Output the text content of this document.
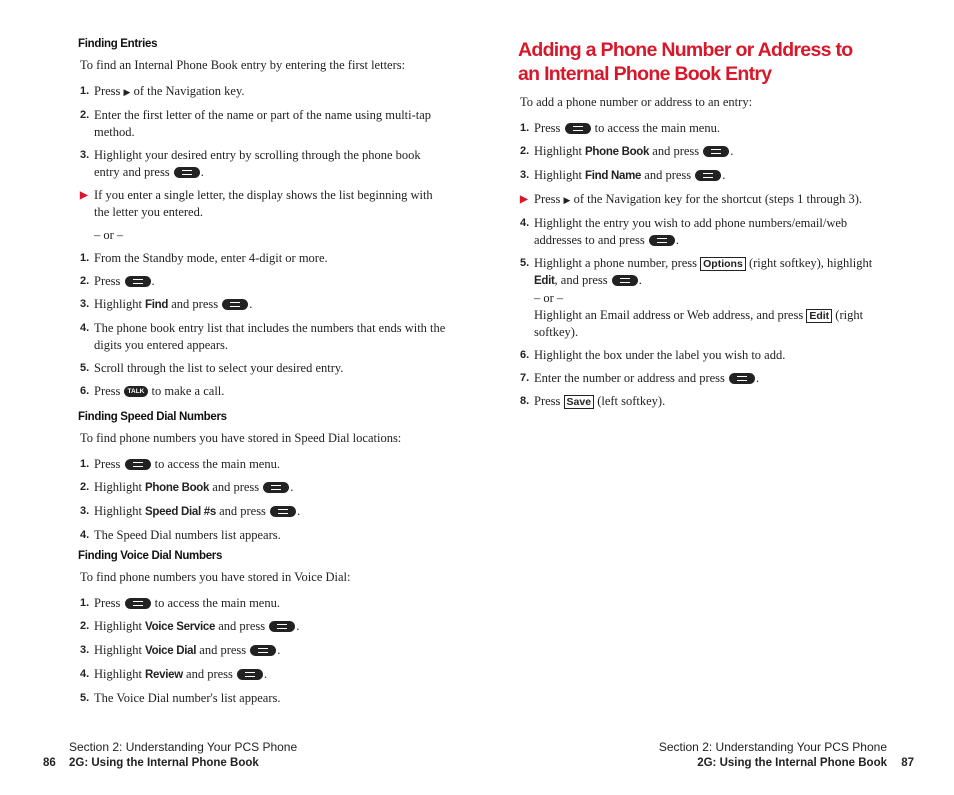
Finding Entries
To find an Internal Phone Book entry by entering the first letters:
1. Press ▶ of the Navigation key.
2. Enter the first letter of the name or part of the name using multi-tap method.
3. Highlight your desired entry by scrolling through the phone book entry and press .
▶ If you enter a single letter, the display shows the list beginning with the letter you entered.
– or –
1. From the Standby mode, enter 4-digit or more.
2. Press .
3. Highlight Find and press .
4. The phone book entry list that includes the numbers that ends with the digits you entered appears.
5. Scroll through the list to select your desired entry.
6. Press TALK to make a call.
Finding Speed Dial Numbers
To find phone numbers you have stored in Speed Dial locations:
1. Press	to access the main menu.
2. Highlight Phone Book and press .
3. Highlight Speed Dial #s and press .
4. The Speed Dial numbers list appears.
Finding Voice Dial Numbers
To find phone numbers you have stored in Voice Dial:
1. Press	to access the main menu.
2. Highlight Voice Service and press .
3. Highlight Voice Dial and press .
4. Highlight Review and press .
5. The Voice Dial number's list appears.
Adding a Phone Number or Address to
an Internal Phone Book Entry
To add a phone number or address to an entry:
1. Press	to access the main menu.
2. Highlight Phone Book and press .
3. Highlight Find Name and press .
▶ Press ▶ of the Navigation key for the shortcut (steps 1 through 3).
4. Highlight the entry you wish to add phone numbers/email/web addresses to and press .
5. Highlight a phone number, press Options (right softkey), highlight Edit, and press .
– or –
Highlight an Email address or Web address, and press Edit (right softkey).
6. Highlight the box under the label you wish to add.
7. Enter the number or address and press .
8. Press Save (left softkey).
Section 2: Understanding Your PCS Phone
86 2G: Using the Internal Phone Book
Section 2: Understanding Your PCS Phone
2G: Using the Internal Phone Book 87
